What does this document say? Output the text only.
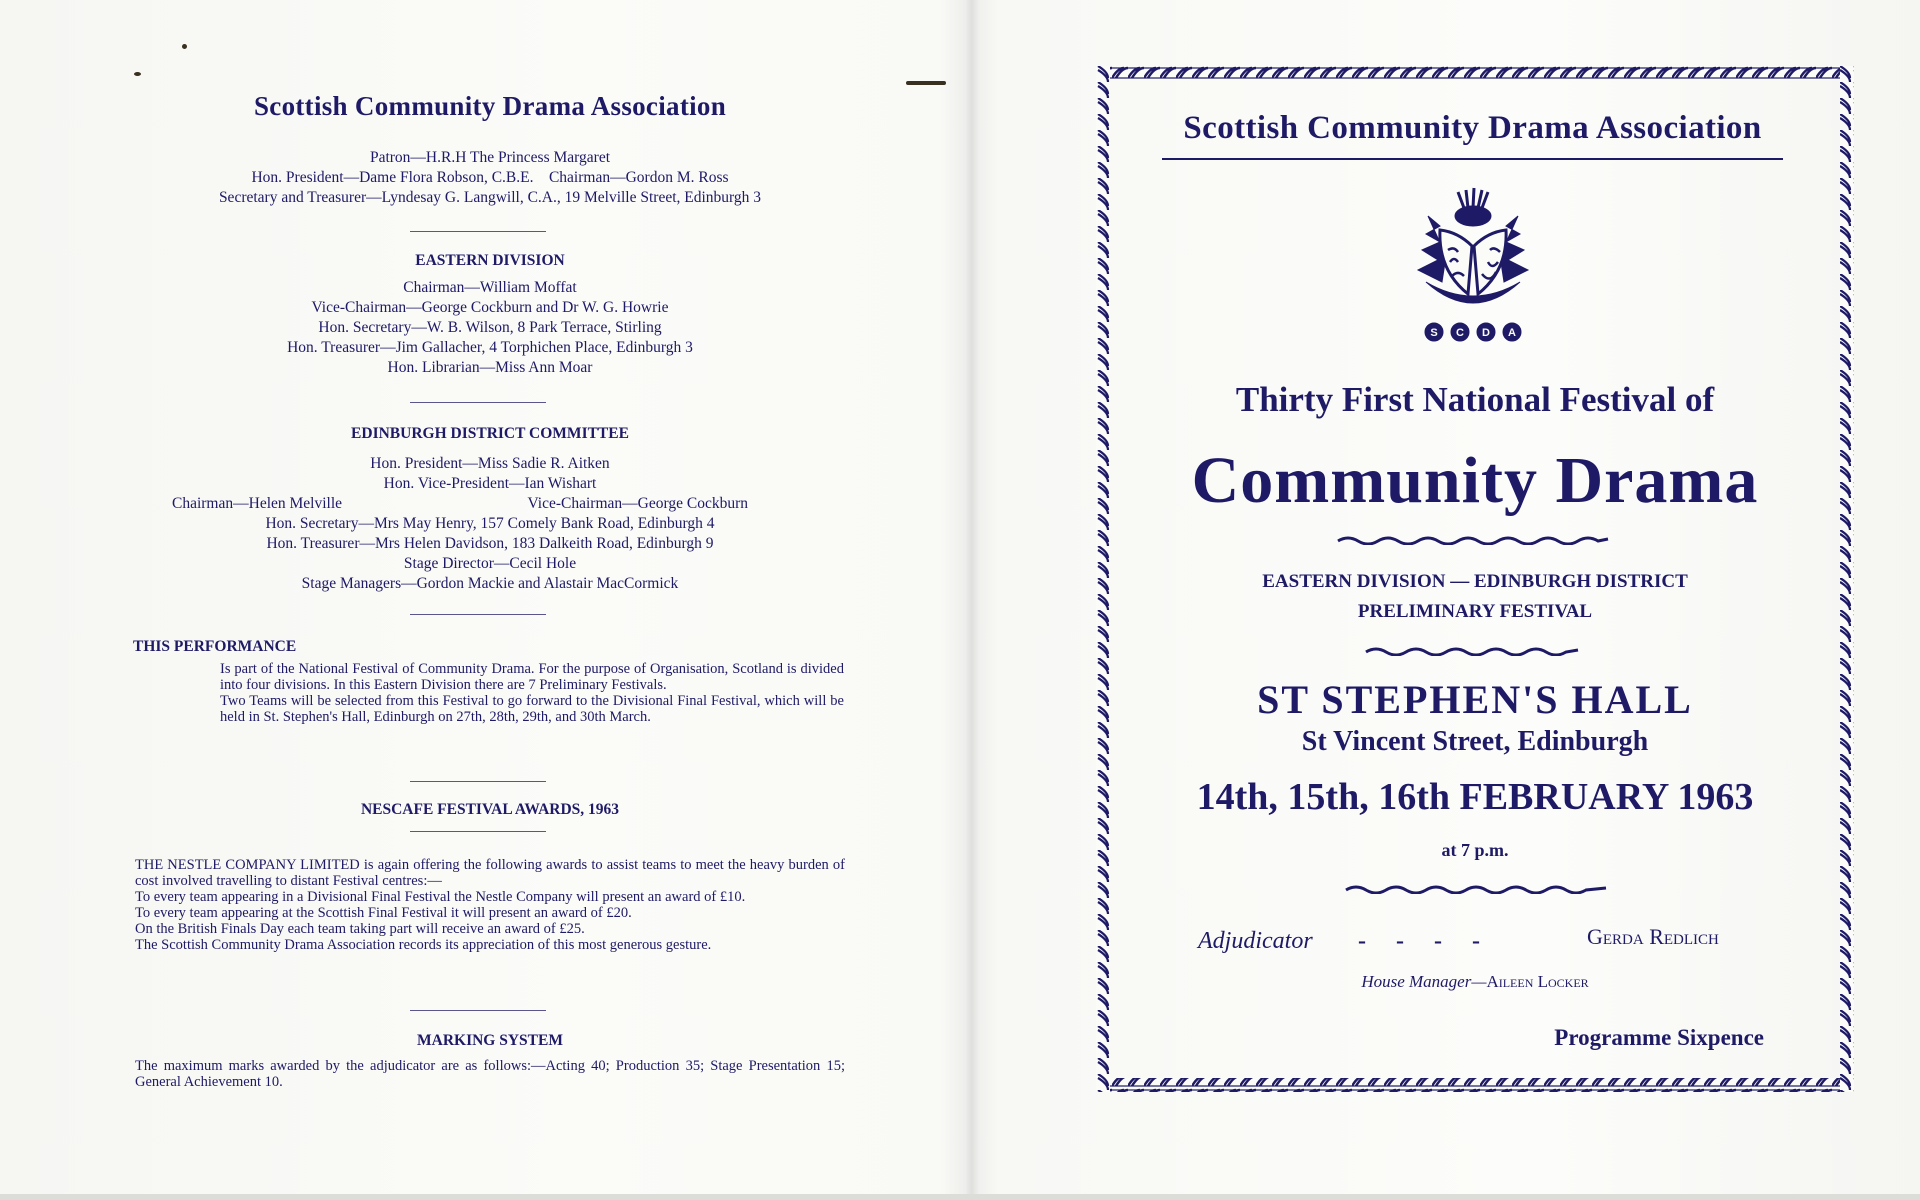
Scottish Community Drama Association
Patron—H.R.H The Princess Margaret
Hon. President—Dame Flora Robson, C.B.E.    Chairman—Gordon M. Ross
Secretary and Treasurer—Lyndesay G. Langwill, C.A., 19 Melville Street, Edinburgh 3
EASTERN DIVISION
Chairman—William Moffat
Vice-Chairman—George Cockburn and Dr W. G. Howrie
Hon. Secretary—W. B. Wilson, 8 Park Terrace, Stirling
Hon. Treasurer—Jim Gallacher, 4 Torphichen Place, Edinburgh 3
Hon. Librarian—Miss Ann Moar
EDINBURGH DISTRICT COMMITTEE
Hon. President—Miss Sadie R. Aitken
Hon. Vice-President—Ian Wishart
Chairman—Helen Melville	Vice-Chairman—George Cockburn
Hon. Secretary—Mrs May Henry, 157 Comely Bank Road, Edinburgh 4
Hon. Treasurer—Mrs Helen Davidson, 183 Dalkeith Road, Edinburgh 9
Stage Director—Cecil Hole
Stage Managers—Gordon Mackie and Alastair MacCormick
THIS PERFORMANCE
Is part of the National Festival of Community Drama. For the purpose of Organisation, Scotland is divided into four divisions. In this Eastern Division there are 7 Preliminary Festivals.
Two Teams will be selected from this Festival to go forward to the Divisional Final Festival, which will be held in St. Stephen's Hall, Edinburgh on 27th, 28th, 29th, and 30th March.
NESCAFE FESTIVAL AWARDS, 1963
THE NESTLE COMPANY LIMITED is again offering the following awards to assist teams to meet the heavy burden of cost involved travelling to distant Festival centres:—
To every team appearing in a Divisional Final Festival the Nestle Company will present an award of £10.
To every team appearing at the Scottish Final Festival it will present an award of £20.
On the British Finals Day each team taking part will receive an award of £25.
The Scottish Community Drama Association records its appreciation of this most generous gesture.
MARKING SYSTEM
The maximum marks awarded by the adjudicator are as follows:—Acting 40; Production 35; Stage Presentation 15; General Achievement 10.
Scottish Community Drama Association
S C D A
Thirty First National Festival of
Community Drama
EASTERN DIVISION — EDINBURGH DISTRICT
PRELIMINARY FESTIVAL
ST STEPHEN'S HALL
St Vincent Street, Edinburgh
14th, 15th, 16th FEBRUARY 1963
at 7 p.m.
Adjudicator -     -     -     -	Gerda Redlich
House Manager—Aileen Locker
Programme Sixpence
